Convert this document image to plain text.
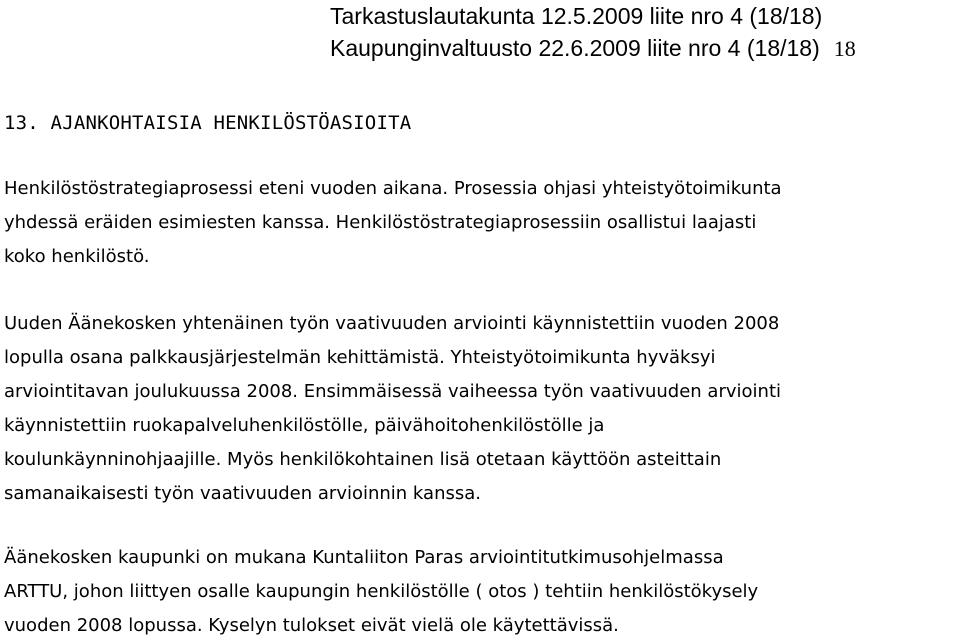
Tarkastuslautakunta 12.5.2009 liite nro 4 (18/18)
Kaupunginvaltuusto 22.6.2009 liite nro 4 (18/18) 18
13. AJANKOHTAISIA HENKILÖSTÖASIOITA
Henkilöstöstrategiaprosessi eteni vuoden aikana. Prosessia ohjasi yhteistyötoimikunta
yhdessä eräiden esimiesten kanssa. Henkilöstöstrategiaprosessiin osallistui laajasti
koko henkilöstö.
Uuden Äänekosken yhtenäinen työn vaativuuden arviointi käynnistettiin vuoden 2008
lopulla osana palkkausjärjestelmän kehittämistä. Yhteistyötoimikunta hyväksyi
arviointitavan joulukuussa 2008. Ensimmäisessä vaiheessa työn vaativuuden arviointi
käynnistettiin ruokapalveluhenkilöstölle, päivähoitohenkilöstölle ja
koulunkäynninohjaajille. Myös henkilökohtainen lisä otetaan käyttöön asteittain
samanaikaisesti työn vaativuuden arvioinnin kanssa.
Äänekosken kaupunki on mukana Kuntaliiton Paras arviointitutkimusohjelmassa
ARTTU, johon liittyen osalle kaupungin henkilöstölle ( otos ) tehtiin henkilöstökysely
vuoden 2008 lopussa. Kyselyn tulokset eivät vielä ole käytettävissä.
